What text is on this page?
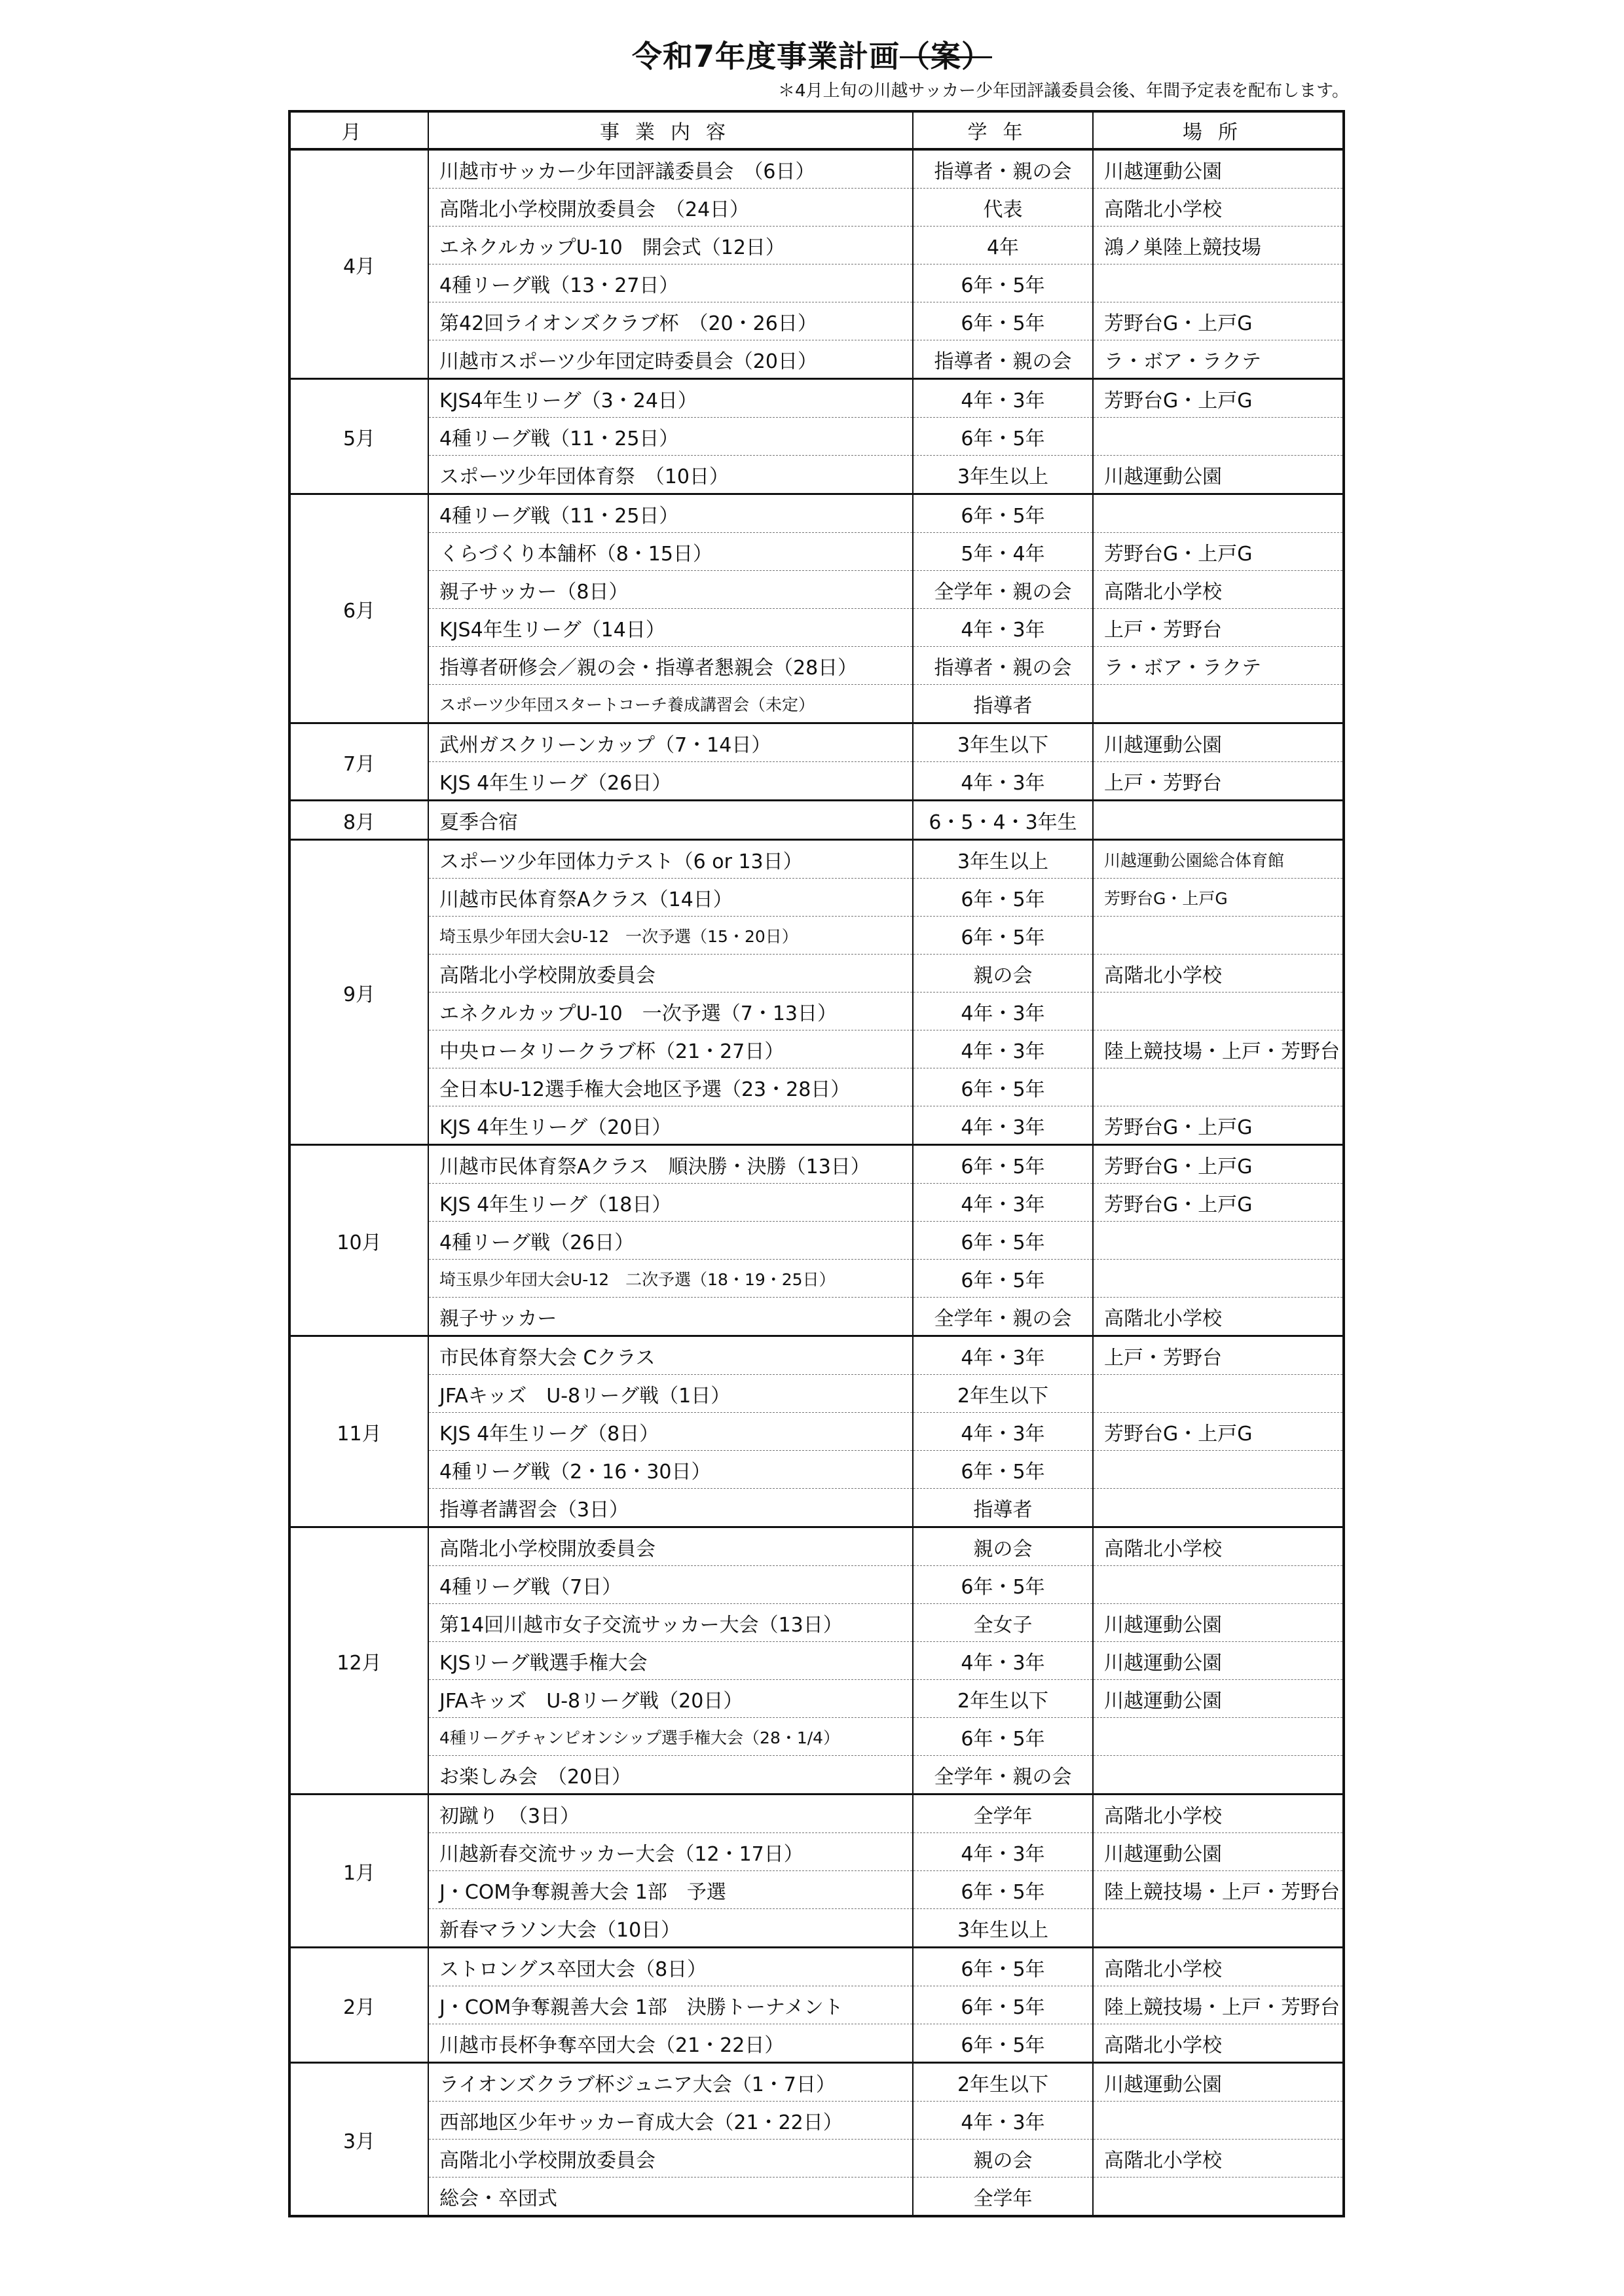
令和7年度事業計画（案）
＊4月上旬の川越サッカー少年団評議委員会後、年間予定表を配布します。
月	事業内容	学年	場所
4月	川越市サッカー少年団評議委員会　（6日）	指導者・親の会	川越運動公園
	高階北小学校開放委員会　（24日）	代表	高階北小学校
	エネクルカップU-10　開会式（12日）	4年	鴻ノ巣陸上競技場
	4種リーグ戦（13・27日）	6年・5年	
	第42回ライオンズクラブ杯　（20・26日）	6年・5年	芳野台G・上戸G
	川越市スポーツ少年団定時委員会（20日）	指導者・親の会	ラ・ボア・ラクテ
5月	KJS4年生リーグ（3・24日）	4年・3年	芳野台G・上戸G
	4種リーグ戦（11・25日）	6年・5年	
	スポーツ少年団体育祭　（10日）	3年生以上	川越運動公園
6月	4種リーグ戦（11・25日）	6年・5年	
	くらづくり本舗杯（8・15日）	5年・4年	芳野台G・上戸G
	親子サッカー（8日）	全学年・親の会	高階北小学校
	KJS4年生リーグ（14日）	4年・3年	上戸・芳野台
	指導者研修会／親の会・指導者懇親会（28日）	指導者・親の会	ラ・ボア・ラクテ
	スポーツ少年団スタートコーチ養成講習会（未定）	指導者	
7月	武州ガスクリーンカップ（7・14日）	3年生以下	川越運動公園
	KJS 4年生リーグ（26日）	4年・3年	上戸・芳野台
8月	夏季合宿	6・5・4・3年生	
9月	スポーツ少年団体力テスト（6 or 13日）	3年生以上	川越運動公園総合体育館
	川越市民体育祭Aクラス（14日）	6年・5年	芳野台G・上戸G
	埼玉県少年団大会U-12　一次予選（15・20日）	6年・5年	
	高階北小学校開放委員会	親の会	高階北小学校
	エネクルカップU-10　一次予選（7・13日）	4年・3年	
	中央ロータリークラブ杯（21・27日）	4年・3年	陸上競技場・上戸・芳野台
	全日本U-12選手権大会地区予選（23・28日）	6年・5年	
	KJS 4年生リーグ（20日）	4年・3年	芳野台G・上戸G
10月	川越市民体育祭Aクラス　順決勝・決勝（13日）	6年・5年	芳野台G・上戸G
	KJS 4年生リーグ（18日）	4年・3年	芳野台G・上戸G
	4種リーグ戦（26日）	6年・5年	
	埼玉県少年団大会U-12　二次予選（18・19・25日）	6年・5年	
	親子サッカー	全学年・親の会	高階北小学校
11月	市民体育祭大会 Cクラス	4年・3年	上戸・芳野台
	JFAキッズ　U-8リーグ戦（1日）	2年生以下	
	KJS 4年生リーグ（8日）	4年・3年	芳野台G・上戸G
	4種リーグ戦（2・16・30日）	6年・5年	
	指導者講習会（3日）	指導者	
12月	高階北小学校開放委員会	親の会	高階北小学校
	4種リーグ戦（7日）	6年・5年	
	第14回川越市女子交流サッカー大会（13日）	全女子	川越運動公園
	KJSリーグ戦選手権大会	4年・3年	川越運動公園
	JFAキッズ　U-8リーグ戦（20日）	2年生以下	川越運動公園
	4種リーグチャンピオンシップ選手権大会（28・1/4）	6年・5年	
	お楽しみ会　（20日）	全学年・親の会	
1月	初蹴り　（3日）	全学年	高階北小学校
	川越新春交流サッカー大会（12・17日）	4年・3年	川越運動公園
	J・COM争奪親善大会 1部　予選	6年・5年	陸上競技場・上戸・芳野台
	新春マラソン大会（10日）	3年生以上	
2月	ストロングス卒団大会（8日）	6年・5年	高階北小学校
	J・COM争奪親善大会 1部　決勝トーナメント	6年・5年	陸上競技場・上戸・芳野台
	川越市長杯争奪卒団大会（21・22日）	6年・5年	高階北小学校
3月	ライオンズクラブ杯ジュニア大会（1・7日）	2年生以下	川越運動公園
	西部地区少年サッカー育成大会（21・22日）	4年・3年	
	高階北小学校開放委員会	親の会	高階北小学校
	総会・卒団式	全学年	
